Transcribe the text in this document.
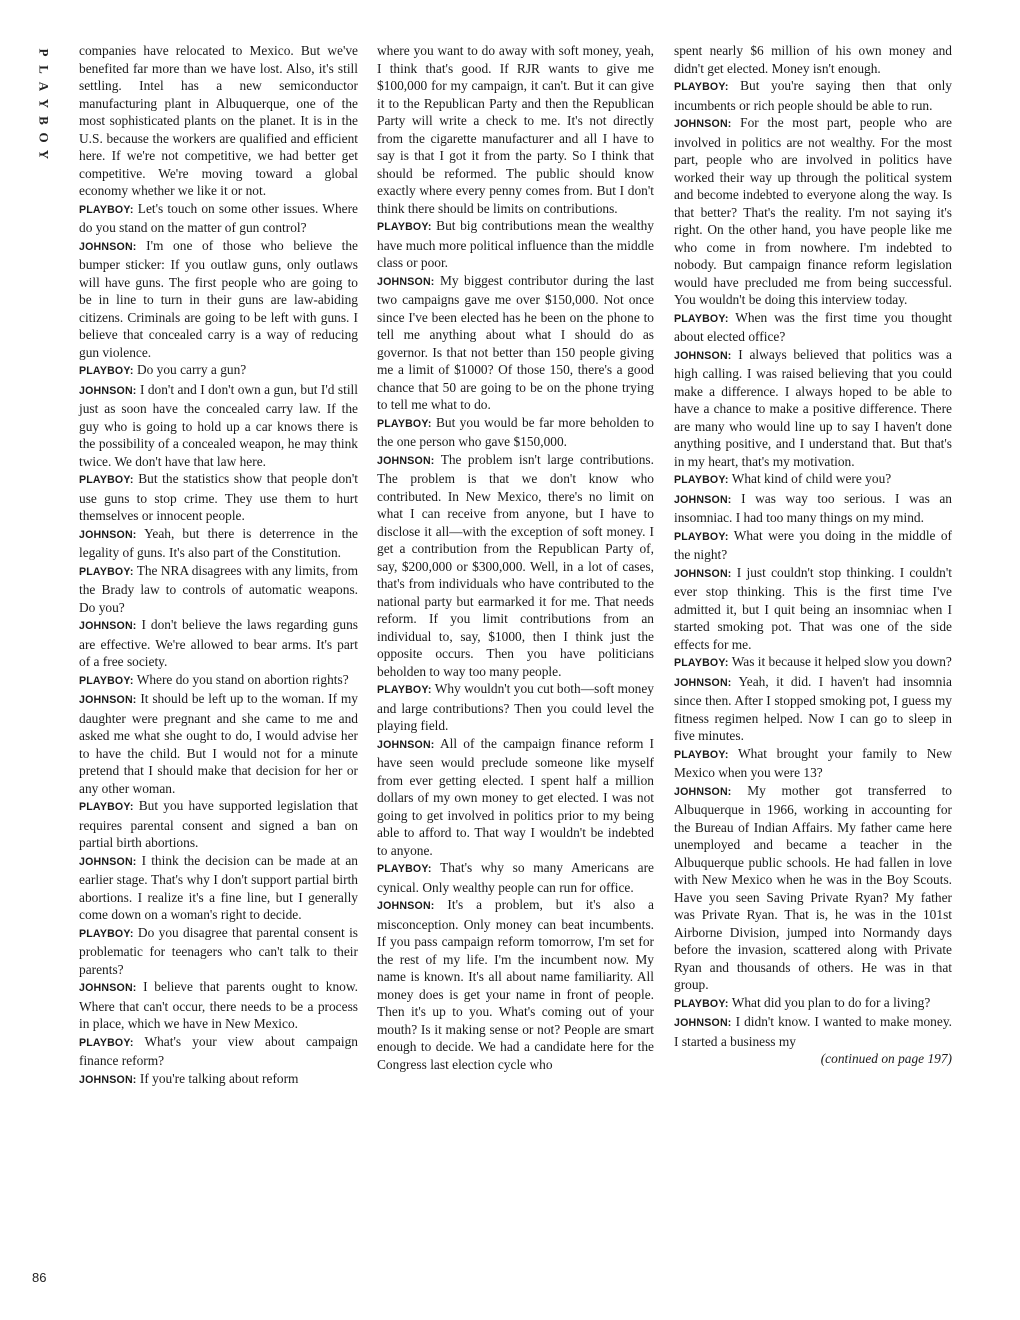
P
L
A
Y
B
O
Y
86

companies have relocated to Mexico. But we've benefited far more than we have lost. Also, it's still settling. Intel has a new semiconductor manufacturing plant in Albuquerque, one of the most sophisticated plants on the planet. It is in the U.S. because the workers are qualified and efficient here. If we're not competitive, we had better get competitive. We're moving toward a global economy whether we like it or not.

PLAYBOY: Let's touch on some other issues. Where do you stand on the matter of gun control?

JOHNSON: I'm one of those who believe the bumper sticker: If you outlaw guns, only outlaws will have guns. The first people who are going to be in line to turn in their guns are law-abiding citizens. Criminals are going to be left with guns. I believe that concealed carry is a way of reducing gun violence.

PLAYBOY: Do you carry a gun?

JOHNSON: I don't and I don't own a gun, but I'd still just as soon have the concealed carry law. If the guy who is going to hold up a car knows there is the possibility of a concealed weapon, he may think twice. We don't have that law here.

PLAYBOY: But the statistics show that people don't use guns to stop crime. They use them to hurt themselves or innocent people.

JOHNSON: Yeah, but there is deterrence in the legality of guns. It's also part of the Constitution.

PLAYBOY: The NRA disagrees with any limits, from the Brady law to controls of automatic weapons. Do you?

JOHNSON: I don't believe the laws regarding guns are effective. We're allowed to bear arms. It's part of a free society.

PLAYBOY: Where do you stand on abortion rights?

JOHNSON: It should be left up to the woman. If my daughter were pregnant and she came to me and asked me what she ought to do, I would advise her to have the child. But I would not for a minute pretend that I should make that decision for her or any other woman.

PLAYBOY: But you have supported legislation that requires parental consent and signed a ban on partial birth abortions.

JOHNSON: I think the decision can be made at an earlier stage. That's why I don't support partial birth abortions. I realize it's a fine line, but I generally come down on a woman's right to decide.

PLAYBOY: Do you disagree that parental consent is problematic for teenagers who can't talk to their parents?

JOHNSON: I believe that parents ought to know. Where that can't occur, there needs to be a process in place, which we have in New Mexico.

PLAYBOY: What's your view about campaign finance reform?

JOHNSON: If you're talking about reform

where you want to do away with soft money, yeah, I think that's good. If RJR wants to give me $100,000 for my campaign, it can't. But it can give it to the Republican Party and then the Republican Party will write a check to me. It's not directly from the cigarette manufacturer and all I have to say is that I got it from the party. So I think that should be reformed. The public should know exactly where every penny comes from. But I don't think there should be limits on contributions.

PLAYBOY: But big contributions mean the wealthy have much more political influence than the middle class or poor.

JOHNSON: My biggest contributor during the last two campaigns gave me over $150,000. Not once since I've been elected has he been on the phone to tell me anything about what I should do as governor. Is that not better than 150 people giving me a limit of $1000? Of those 150, there's a good chance that 50 are going to be on the phone trying to tell me what to do.

PLAYBOY: But you would be far more beholden to the one person who gave $150,000.

JOHNSON: The problem isn't large contributions. The problem is that we don't know who contributed. In New Mexico, there's no limit on what I can receive from anyone, but I have to disclose it all—with the exception of soft money. I get a contribution from the Republican Party of, say, $200,000 or $300,000. Well, in a lot of cases, that's from individuals who have contributed to the national party but earmarked it for me. That needs reform. If you limit contributions from an individual to, say, $1000, then I think just the opposite occurs. Then you have politicians beholden to way too many people.

PLAYBOY: Why wouldn't you cut both—soft money and large contributions? Then you could level the playing field.

JOHNSON: All of the campaign finance reform I have seen would preclude someone like myself from ever getting elected. I spent half a million dollars of my own money to get elected. I was not going to get involved in politics prior to my being able to afford to. That way I wouldn't be indebted to anyone.

PLAYBOY: That's why so many Americans are cynical. Only wealthy people can run for office.

JOHNSON: It's a problem, but it's also a misconception. Only money can beat incumbents. If you pass campaign reform tomorrow, I'm set for the rest of my life. I'm the incumbent now. My name is known. It's all about name familiarity. All money does is get your name in front of people. Then it's up to you. What's coming out of your mouth? Is it making sense or not? People are smart enough to decide. We had a candidate here for the Congress last election cycle who

spent nearly $6 million of his own money and didn't get elected. Money isn't enough.

PLAYBOY: But you're saying then that only incumbents or rich people should be able to run.

JOHNSON: For the most part, people who are involved in politics are not wealthy. For the most part, people who are involved in politics have worked their way up through the political system and become indebted to everyone along the way. Is that better? That's the reality. I'm not saying it's right. On the other hand, you have people like me who come in from nowhere. I'm indebted to nobody. But campaign finance reform legislation would have precluded me from being successful. You wouldn't be doing this interview today.

PLAYBOY: When was the first time you thought about elected office?

JOHNSON: I always believed that politics was a high calling. I was raised believing that you could make a difference. I always hoped to be able to have a chance to make a positive difference. There are many who would line up to say I haven't done anything positive, and I understand that. But that's in my heart, that's my motivation.

PLAYBOY: What kind of child were you?

JOHNSON: I was way too serious. I was an insomniac. I had too many things on my mind.

PLAYBOY: What were you doing in the middle of the night?

JOHNSON: I just couldn't stop thinking. I couldn't ever stop thinking. This is the first time I've admitted it, but I quit being an insomniac when I started smoking pot. That was one of the side effects for me.

PLAYBOY: Was it because it helped slow you down?

JOHNSON: Yeah, it did. I haven't had insomnia since then. After I stopped smoking pot, I guess my fitness regimen helped. Now I can go to sleep in five minutes.

PLAYBOY: What brought your family to New Mexico when you were 13?

JOHNSON: My mother got transferred to Albuquerque in 1966, working in accounting for the Bureau of Indian Affairs. My father came here unemployed and became a teacher in the Albuquerque public schools. He had fallen in love with New Mexico when he was in the Boy Scouts. Have you seen Saving Private Ryan? My father was Private Ryan. That is, he was in the 101st Airborne Division, jumped into Normandy days before the invasion, scattered along with Private Ryan and thousands of others. He was in that group.

PLAYBOY: What did you plan to do for a living?

JOHNSON: I didn't know. I wanted to make money. I started a business my

(continued on page 197)
